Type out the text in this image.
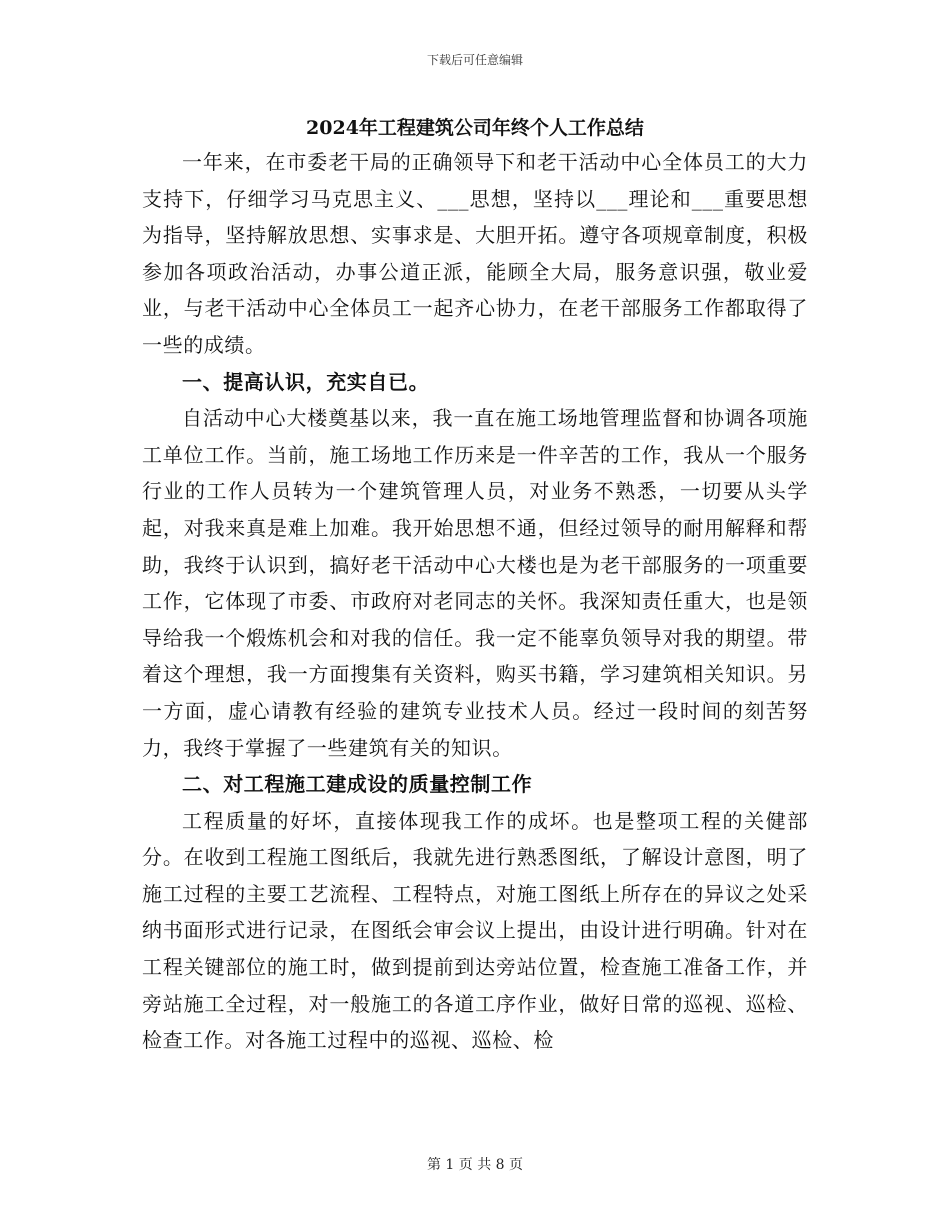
下载后可任意编辑
2024年工程建筑公司年终个人工作总结

一年来，在市委老干局的正确领导下和老干活动中心全体员工的大力支持下，仔细学习马克思主义、___思想，坚持以___理论和___重要思想为指导，坚持解放思想、实事求是、大胆开拓。遵守各项规章制度，积极参加各项政治活动，办事公道正派，能顾全大局，服务意识强，敬业爱业，与老干活动中心全体员工一起齐心协力，在老干部服务工作都取得了一些的成绩。

一、提高认识，充实自已。

自活动中心大楼奠基以来，我一直在施工场地管理监督和协调各项施工单位工作。当前，施工场地工作历来是一件辛苦的工作，我从一个服务行业的工作人员转为一个建筑管理人员，对业务不熟悉，一切要从头学起，对我来真是难上加难。我开始思想不通，但经过领导的耐用解释和帮助，我终于认识到，搞好老干活动中心大楼也是为老干部服务的一项重要工作，它体现了市委、市政府对老同志的关怀。我深知责任重大，也是领导给我一个煅炼机会和对我的信任。我一定不能辜负领导对我的期望。带着这个理想，我一方面搜集有关资料，购买书籍，学习建筑相关知识。另一方面，虚心请教有经验的建筑专业技术人员。经过一段时间的刻苦努力，我终于掌握了一些建筑有关的知识。

二、对工程施工建成设的质量控制工作

工程质量的好坏，直接体现我工作的成坏。也是整项工程的关健部分。在收到工程施工图纸后，我就先进行熟悉图纸，了解设计意图，明了施工过程的主要工艺流程、工程特点，对施工图纸上所存在的异议之处采纳书面形式进行记录，在图纸会审会议上提出，由设计进行明确。针对在工程关键部位的施工时，做到提前到达旁站位置，检查施工准备工作，并旁站施工全过程，对一般施工的各道工序作业，做好日常的巡视、巡检、检查工作。对各施工过程中的巡视、巡检、检

第 1 页 共 8 页
